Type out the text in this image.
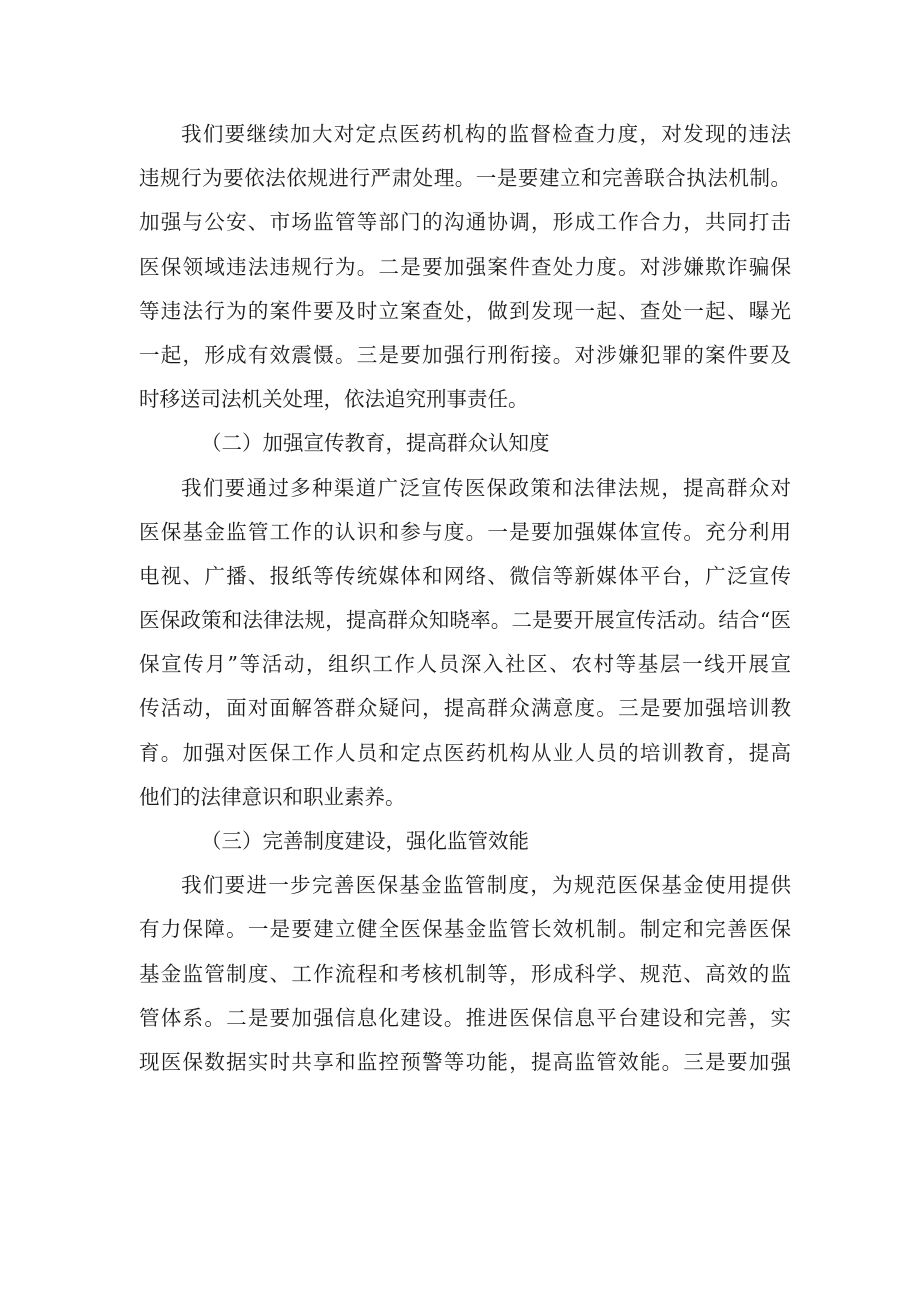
我们要继续加大对定点医药机构的监督检查力度，对发现的违法
违规行为要依法依规进行严肃处理。一是要建立和完善联合执法机制。
加强与公安、市场监管等部门的沟通协调，形成工作合力，共同打击
医保领域违法违规行为。二是要加强案件查处力度。对涉嫌欺诈骗保
等违法行为的案件要及时立案查处，做到发现一起、查处一起、曝光
一起，形成有效震慑。三是要加强行刑衔接。对涉嫌犯罪的案件要及
时移送司法机关处理，依法追究刑事责任。
（二）加强宣传教育，提高群众认知度
我们要通过多种渠道广泛宣传医保政策和法律法规，提高群众对
医保基金监管工作的认识和参与度。一是要加强媒体宣传。充分利用
电视、广播、报纸等传统媒体和网络、微信等新媒体平台，广泛宣传
医保政策和法律法规，提高群众知晓率。二是要开展宣传活动。结合“医
保宣传月”等活动，组织工作人员深入社区、农村等基层一线开展宣
传活动，面对面解答群众疑问，提高群众满意度。三是要加强培训教
育。加强对医保工作人员和定点医药机构从业人员的培训教育，提高
他们的法律意识和职业素养。
（三）完善制度建设，强化监管效能
我们要进一步完善医保基金监管制度，为规范医保基金使用提供
有力保障。一是要建立健全医保基金监管长效机制。制定和完善医保
基金监管制度、工作流程和考核机制等，形成科学、规范、高效的监
管体系。二是要加强信息化建设。推进医保信息平台建设和完善，实
现医保数据实时共享和监控预警等功能，提高监管效能。三是要加强
